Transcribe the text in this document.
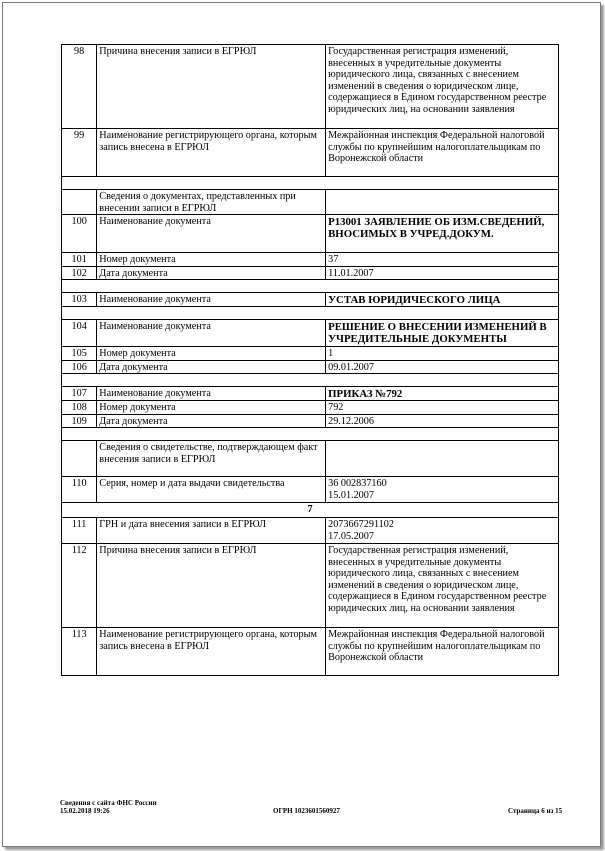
98	Причина внесения записи в ЕГРЮЛ	Государственная регистрация изменений, внесенных в учредительные документы юридического лица, связанных с внесением изменений в сведения о юридическом лице, содержащиеся в Едином государственном реестре юридических лиц, на основании заявления
99	Наименование регистрирующего органа, которым запись внесена в ЕГРЮЛ	Межрайонная инспекция Федеральной налоговой службы по крупнейшим налогоплательщикам по Воронежской области

	Сведения о документах, представленных при внесении записи в ЕГРЮЛ	
100	Наименование документа	Р13001 ЗАЯВЛЕНИЕ ОБ ИЗМ.СВЕДЕНИЙ, ВНОСИМЫХ В УЧРЕД.ДОКУМ.
101	Номер документа	37
102	Дата документа	11.01.2007

103	Наименование документа	УСТАВ ЮРИДИЧЕСКОГО ЛИЦА

104	Наименование документа	РЕШЕНИЕ О ВНЕСЕНИИ ИЗМЕНЕНИЙ В УЧРЕДИТЕЛЬНЫЕ ДОКУМЕНТЫ
105	Номер документа	1
106	Дата документа	09.01.2007

107	Наименование документа	ПРИКАЗ №792
108	Номер документа	792
109	Дата документа	29.12.2006

	Сведения о свидетельстве, подтверждающем факт внесения записи в ЕГРЮЛ	
110	Серия, номер и дата выдачи свидетельства	36 002837160
15.01.2007

7		
111	ГРН и дата внесения записи в ЕГРЮЛ	2073667291102
17.05.2007

112	Причина внесения записи в ЕГРЮЛ	Государственная регистрация изменений, внесенных в учредительные документы юридического лица, связанных с внесением изменений в сведения о юридическом лице, содержащиеся в Едином государственном реестре юридических лиц, на основании заявления
113	Наименование регистрирующего органа, которым запись внесена в ЕГРЮЛ	Межрайонная инспекция Федеральной налоговой службы по крупнейшим налогоплательщикам по Воронежской области
Сведения с сайта ФНС России
15.02.2018 19:26	ОГРН 1023601560927	Страница 6 из 15
